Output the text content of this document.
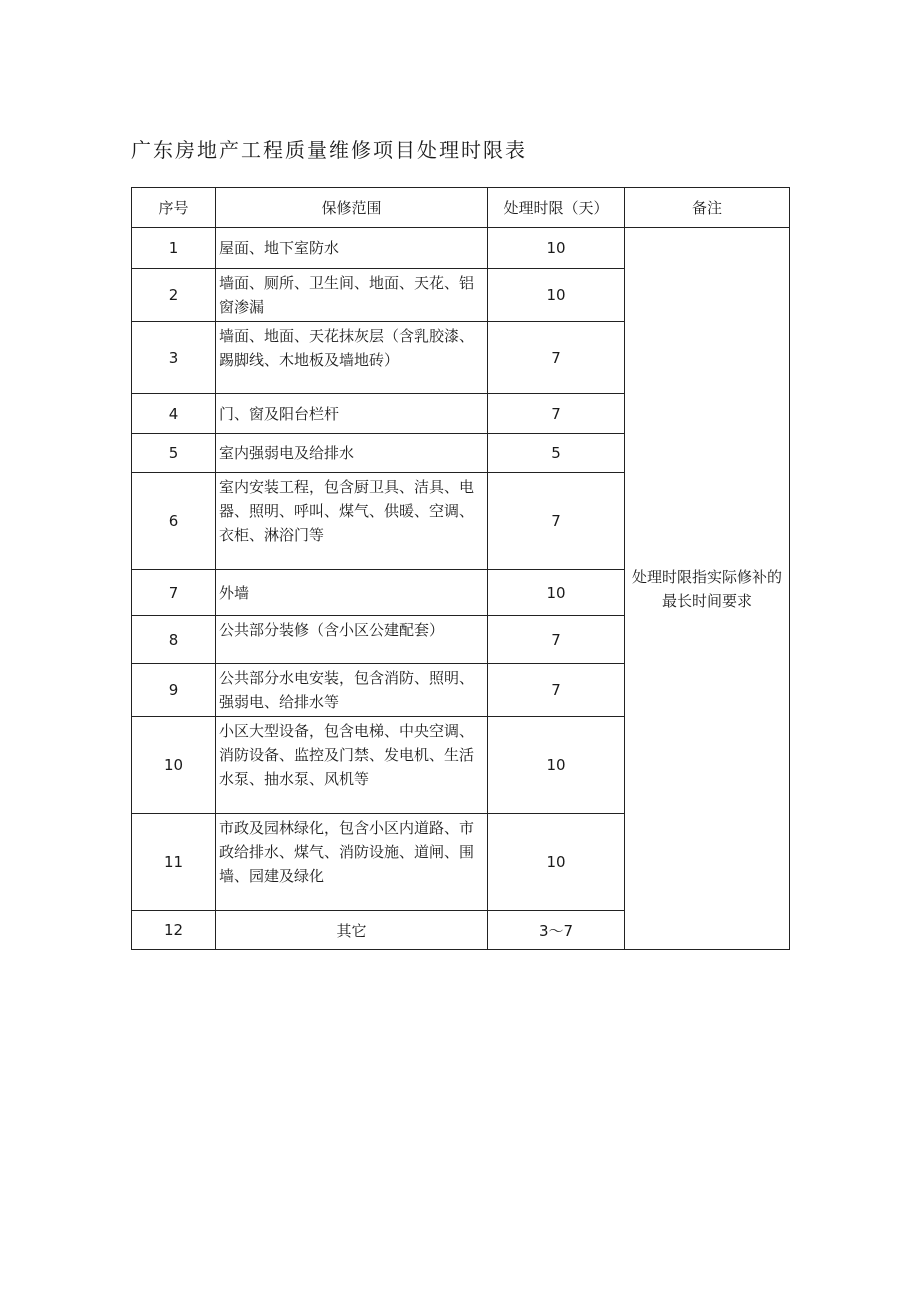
广东房地产工程质量维修项目处理时限表
序号	保修范围	处理时限（天）	备注
1	屋面、地下室防水	10	处理时限指实际修补的最长时间要求
2	墙面、厕所、卫生间、地面、天花、铝窗渗漏	10	
3	墙面、地面、天花抹灰层（含乳胶漆、踢脚线、木地板及墙地砖）	7	
4	门、窗及阳台栏杆	7	
5	室内强弱电及给排水	5	
6	室内安装工程，包含厨卫具、洁具、电器、照明、呼叫、煤气、供暖、空调、衣柜、淋浴门等	7	
7	外墙	10	
8	公共部分装修（含小区公建配套）	7	
9	公共部分水电安装，包含消防、照明、强弱电、给排水等	7	
10	小区大型设备，包含电梯、中央空调、消防设备、监控及门禁、发电机、生活水泵、抽水泵、风机等	10	
11	市政及园林绿化，包含小区内道路、市政给排水、煤气、消防设施、道闸、围墙、园建及绿化	10	
12	其它	3～7	
